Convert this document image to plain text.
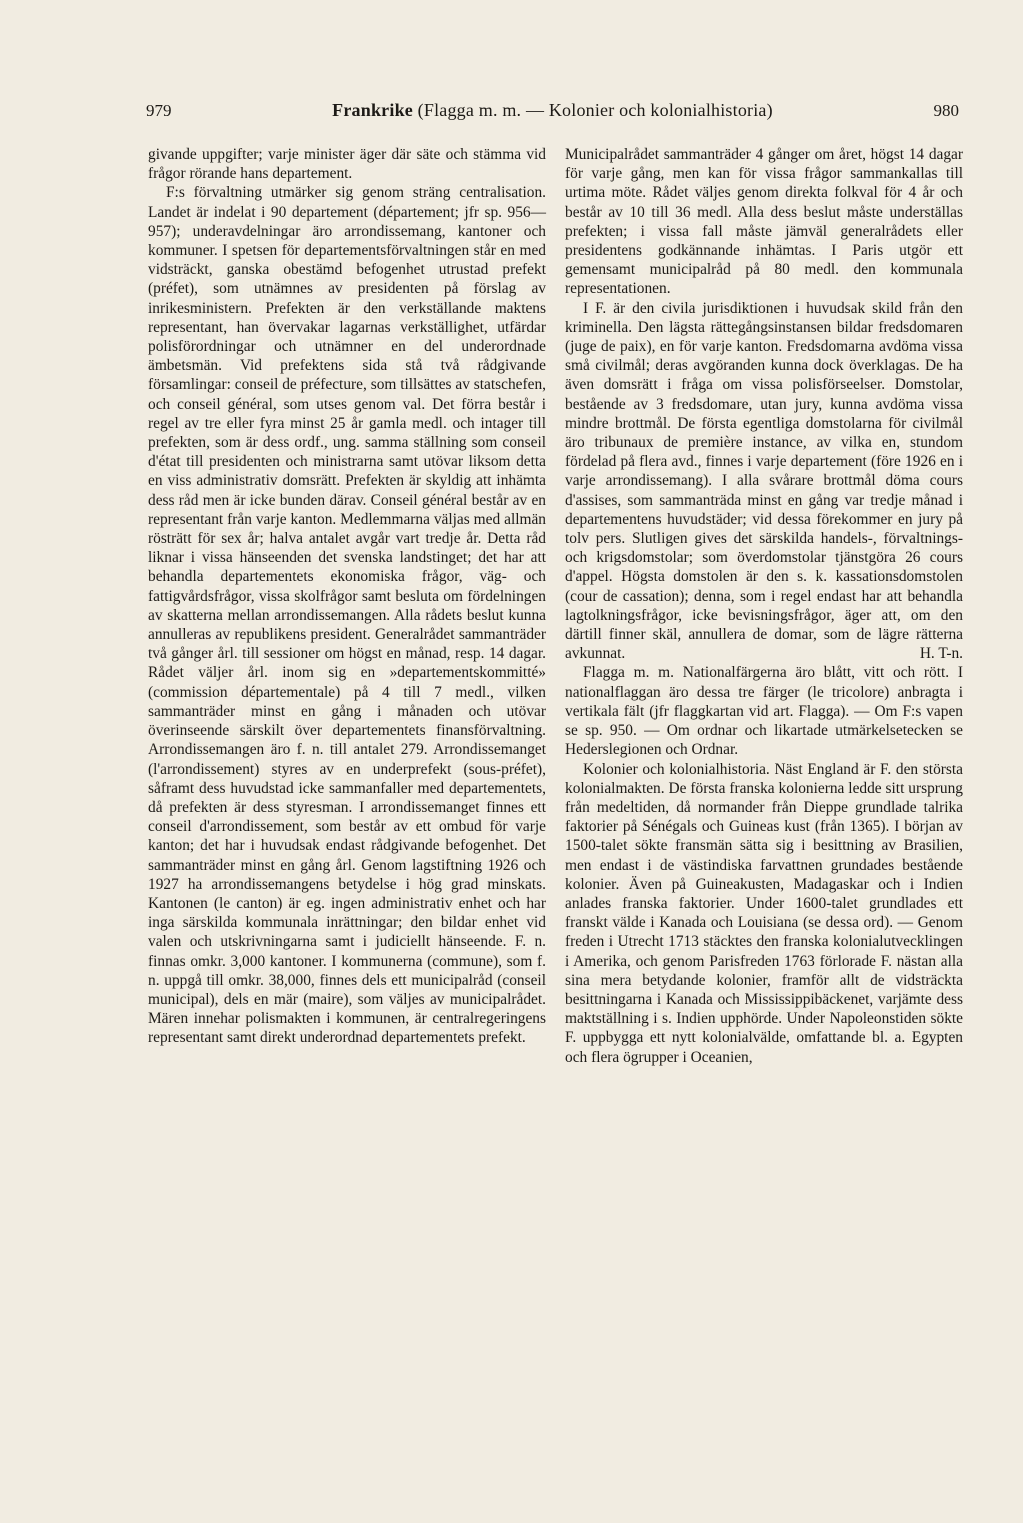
979	Frankrike (Flagga m. m. — Kolonier och kolonialhistoria)	980

givande uppgifter; varje minister äger där säte och stämma vid frågor rörande hans departement.

F:s förvaltning utmärker sig genom sträng centralisation. Landet är indelat i 90 departement (département; jfr sp. 956—957); underavdelningar äro arrondissemang, kantoner och kommuner. I spetsen för departementsförvaltningen står en med vidsträckt, ganska obestämd befogenhet utrustad prefekt (préfet), som utnämnes av presidenten på förslag av inrikesministern. Prefekten är den verkställande maktens representant, han övervakar lagarnas verkställighet, utfärdar polisförordningar och utnämner en del underordnade ämbetsmän. Vid prefektens sida stå två rådgivande församlingar: conseil de préfecture, som tillsättes av statschefen, och conseil général, som utses genom val. Det förra består i regel av tre eller fyra minst 25 år gamla medl. och intager till prefekten, som är dess ordf., ung. samma ställning som conseil d'état till presidenten och ministrarna samt utövar liksom detta en viss administrativ domsrätt. Prefekten är skyldig att inhämta dess råd men är icke bunden därav. Conseil général består av en representant från varje kanton. Medlemmarna väljas med allmän rösträtt för sex år; halva antalet avgår vart tredje år. Detta råd liknar i vissa hänseenden det svenska landstinget; det har att behandla departementets ekonomiska frågor, väg- och fattigvårdsfrågor, vissa skolfrågor samt besluta om fördelningen av skatterna mellan arrondissemangen. Alla rådets beslut kunna annulleras av republikens president. Generalrådet sammanträder två gånger årl. till sessioner om högst en månad, resp. 14 dagar. Rådet väljer årl. inom sig en »departementskommitté» (commission départementale) på 4 till 7 medl., vilken sammanträder minst en gång i månaden och utövar överinseende särskilt över departementets finansförvaltning. Arrondissemangen äro f. n. till antalet 279. Arrondissemanget (l'arrondissement) styres av en underprefekt (sous-préfet), såframt dess huvudstad icke sammanfaller med departementets, då prefekten är dess styresman. I arrondissemanget finnes ett conseil d'arrondissement, som består av ett ombud för varje kanton; det har i huvudsak endast rådgivande befogenhet. Det sammanträder minst en gång årl. Genom lagstiftning 1926 och 1927 ha arrondissemangens betydelse i hög grad minskats. Kantonen (le canton) är eg. ingen administrativ enhet och har inga särskilda kommunala inrättningar; den bildar enhet vid valen och utskrivningarna samt i judiciellt hänseende. F. n. finnas omkr. 3,000 kantoner. I kommunerna (commune), som f. n. uppgå till omkr. 38,000, finnes dels ett municipalråd (conseil municipal), dels en mär (maire), som väljes av municipalrådet. Mären innehar polismakten i kommunen, är centralregeringens representant samt direkt underordnad departementets prefekt.

Municipalrådet sammanträder 4 gånger om året, högst 14 dagar för varje gång, men kan för vissa frågor sammankallas till urtima möte. Rådet väljes genom direkta folkval för 4 år och består av 10 till 36 medl. Alla dess beslut måste underställas prefekten; i vissa fall måste jämväl generalrådets eller presidentens godkännande inhämtas. I Paris utgör ett gemensamt municipalråd på 80 medl. den kommunala representationen.

I F. är den civila jurisdiktionen i huvudsak skild från den kriminella. Den lägsta rättegångsinstansen bildar fredsdomaren (juge de paix), en för varje kanton. Fredsdomarna avdöma vissa små civilmål; deras avgöranden kunna dock överklagas. De ha även domsrätt i fråga om vissa polisförseelser. Domstolar, bestående av 3 fredsdomare, utan jury, kunna avdöma vissa mindre brottmål. De första egentliga domstolarna för civilmål äro tribunaux de première instance, av vilka en, stundom fördelad på flera avd., finnes i varje departement (före 1926 en i varje arrondissemang). I alla svårare brottmål döma cours d'assises, som sammanträda minst en gång var tredje månad i departementens huvudstäder; vid dessa förekommer en jury på tolv pers. Slutligen gives det särskilda handels-, förvaltnings- och krigsdomstolar; som överdomstolar tjänstgöra 26 cours d'appel. Högsta domstolen är den s. k. kassationsdomstolen (cour de cassation); denna, som i regel endast har att behandla lagtolkningsfrågor, icke bevisningsfrågor, äger att, om den därtill finner skäl, annullera de domar, som de lägre rätterna avkunnat.	H. T-n.

Flagga m. m. Nationalfärgerna äro blått, vitt och rött. I nationalflaggan äro dessa tre färger (le tricolore) anbragta i vertikala fält (jfr flaggkartan vid art. Flagga). — Om F:s vapen se sp. 950. — Om ordnar och likartade utmärkelsetecken se Hederslegionen och Ordnar.

Kolonier och kolonialhistoria. Näst England är F. den största kolonialmakten. De första franska kolonierna ledde sitt ursprung från medeltiden, då normander från Dieppe grundlade talrika faktorier på Sénégals och Guineas kust (från 1365). I början av 1500-talet sökte fransmän sätta sig i besittning av Brasilien, men endast i de västindiska farvattnen grundades bestående kolonier. Även på Guineakusten, Madagaskar och i Indien anlades franska faktorier. Under 1600-talet grundlades ett franskt välde i Kanada och Louisiana (se dessa ord). — Genom freden i Utrecht 1713 stäcktes den franska kolonialutvecklingen i Amerika, och genom Parisfreden 1763 förlorade F. nästan alla sina mera betydande kolonier, framför allt de vidsträckta besittningarna i Kanada och Mississippibäckenet, varjämte dess maktställning i s. Indien upphörde. Under Napoleonstiden sökte F. uppbygga ett nytt kolonialvälde, omfattande bl. a. Egypten och flera ögrupper i Oceanien,
